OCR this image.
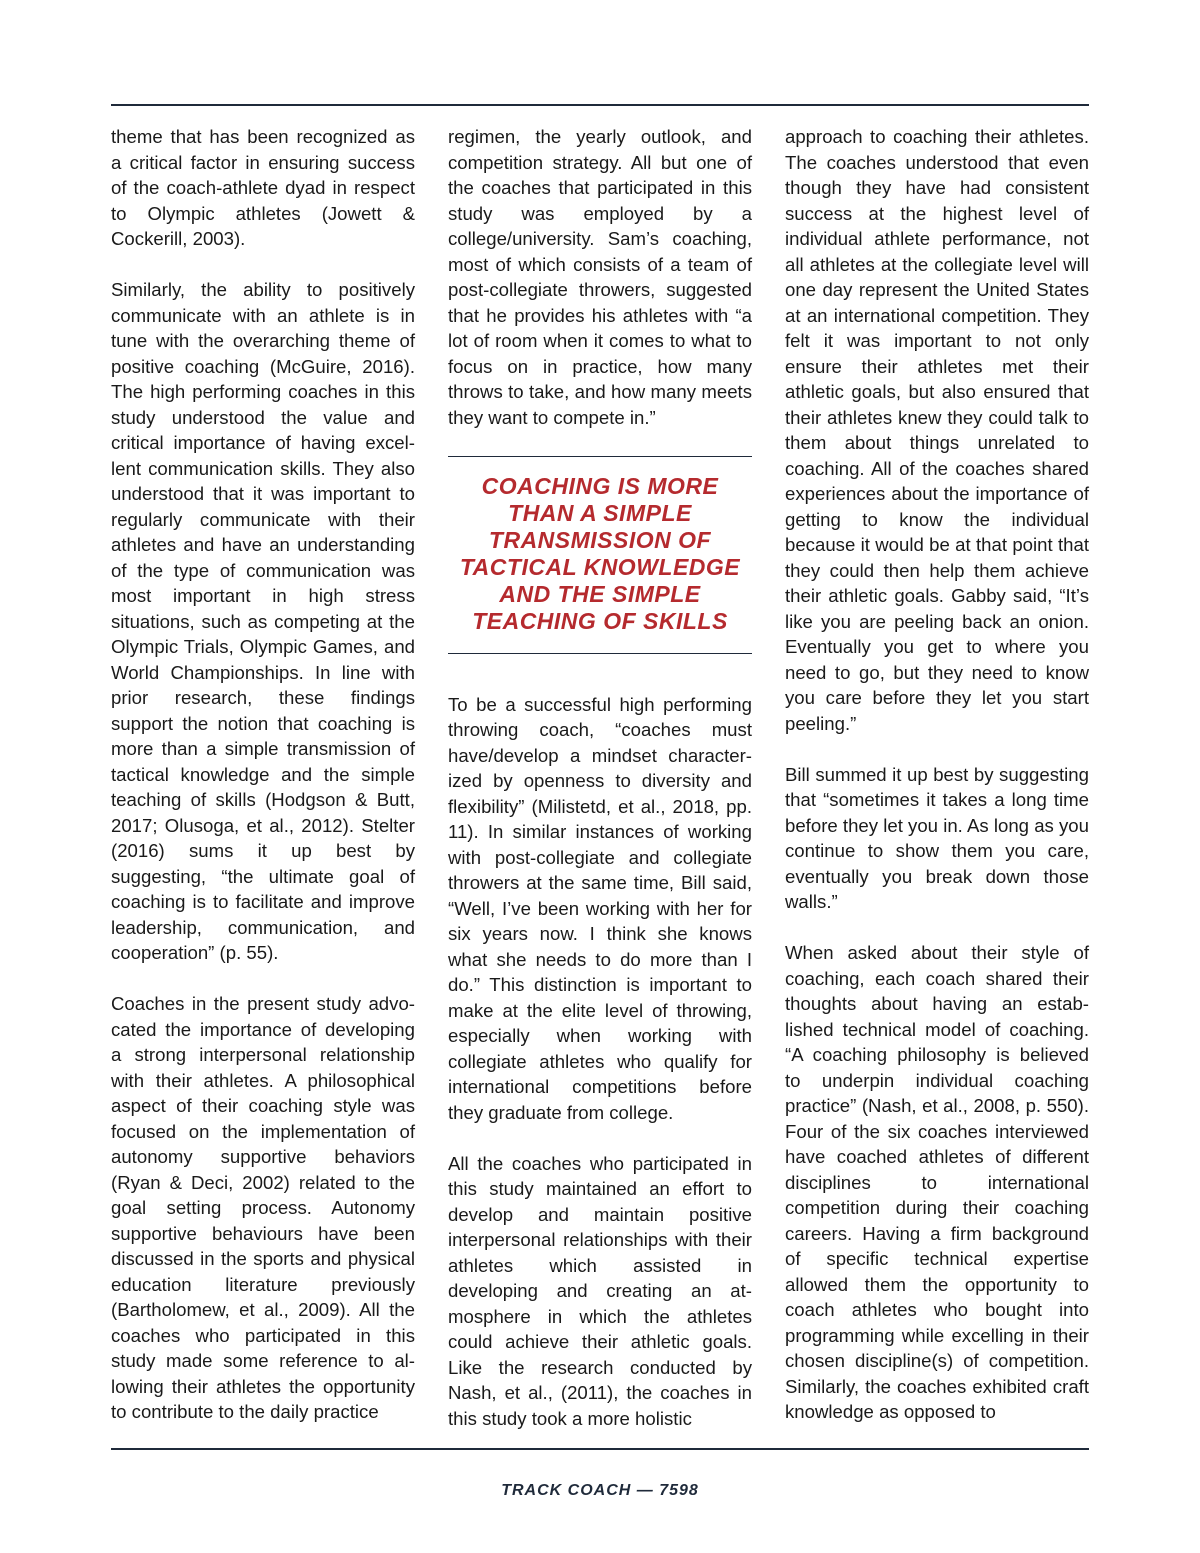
theme that has been recognized as a critical factor in ensuring success of the coach-athlete dyad in respect to Olympic athletes (Jowett & Cockerill, 2003).

Similarly, the ability to positively communicate with an athlete is in tune with the overarching theme of positive coaching (McGuire, 2016). The high performing coaches in this study understood the value and critical importance of having excellent communication skills. They also understood that it was important to regularly communicate with their athletes and have an understanding of the type of communication was most important in high stress situations, such as competing at the Olympic Trials, Olympic Games, and World Championships. In line with prior research, these findings support the notion that coaching is more than a simple transmission of tactical knowledge and the simple teaching of skills (Hodgson & Butt, 2017; Olusoga, et al., 2012). Stelter (2016) sums it up best by suggesting, “the ultimate goal of coaching is to facilitate and improve leadership, communication, and cooperation” (p. 55).

Coaches in the present study advocated the importance of developing a strong interpersonal relationship with their athletes. A philosophical aspect of their coaching style was focused on the implementation of autonomy supportive behaviors (Ryan & Deci, 2002) related to the goal setting process. Autonomy supportive behaviours have been discussed in the sports and physical education literature previously (Bartholomew, et al., 2009). All the coaches who participated in this study made some reference to allowing their athletes the opportunity to contribute to the daily practice

regimen, the yearly outlook, and competition strategy. All but one of the coaches that participated in this study was employed by a college/university. Sam’s coaching, most of which consists of a team of post-collegiate throwers, suggested that he provides his athletes with “a lot of room when it comes to what to focus on in practice, how many throws to take, and how many meets they want to compete in.”

COACHING IS MORE THAN A SIMPLE TRANSMISSION OF TACTICAL KNOWLEDGE AND THE SIMPLE TEACHING OF SKILLS

To be a successful high performing throwing coach, “coaches must have/develop a mindset characterized by openness to diversity and flexibility” (Milistetd, et al., 2018, pp. 11). In similar instances of working with post-collegiate and collegiate throwers at the same time, Bill said, “Well, I’ve been working with her for six years now. I think she knows what she needs to do more than I do.” This distinction is important to make at the elite level of throwing, especially when working with collegiate athletes who qualify for international competitions before they graduate from college.

All the coaches who participated in this study maintained an effort to develop and maintain positive interpersonal relationships with their athletes which assisted in developing and creating an atmosphere in which the athletes could achieve their athletic goals. Like the research conducted by Nash, et al., (2011), the coaches in this study took a more holistic

approach to coaching their athletes. The coaches understood that even though they have had consistent success at the highest level of individual athlete performance, not all athletes at the collegiate level will one day represent the United States at an international competition. They felt it was important to not only ensure their athletes met their athletic goals, but also ensured that their athletes knew they could talk to them about things unrelated to coaching. All of the coaches shared experiences about the importance of getting to know the individual because it would be at that point that they could then help them achieve their athletic goals. Gabby said, “It’s like you are peeling back an onion. Eventually you get to where you need to go, but they need to know you care before they let you start peeling.”

Bill summed it up best by suggesting that “sometimes it takes a long time before they let you in. As long as you continue to show them you care, eventually you break down those walls.”

When asked about their style of coaching, each coach shared their thoughts about having an established technical model of coaching. “A coaching philosophy is believed to underpin individual coaching practice” (Nash, et al., 2008, p. 550). Four of the six coaches interviewed have coached athletes of different disciplines to international competition during their coaching careers. Having a firm background of specific technical expertise allowed them the opportunity to coach athletes who bought into programming while excelling in their chosen discipline(s) of competition. Similarly, the coaches exhibited craft knowledge as opposed to

TRACK COACH — 7598
